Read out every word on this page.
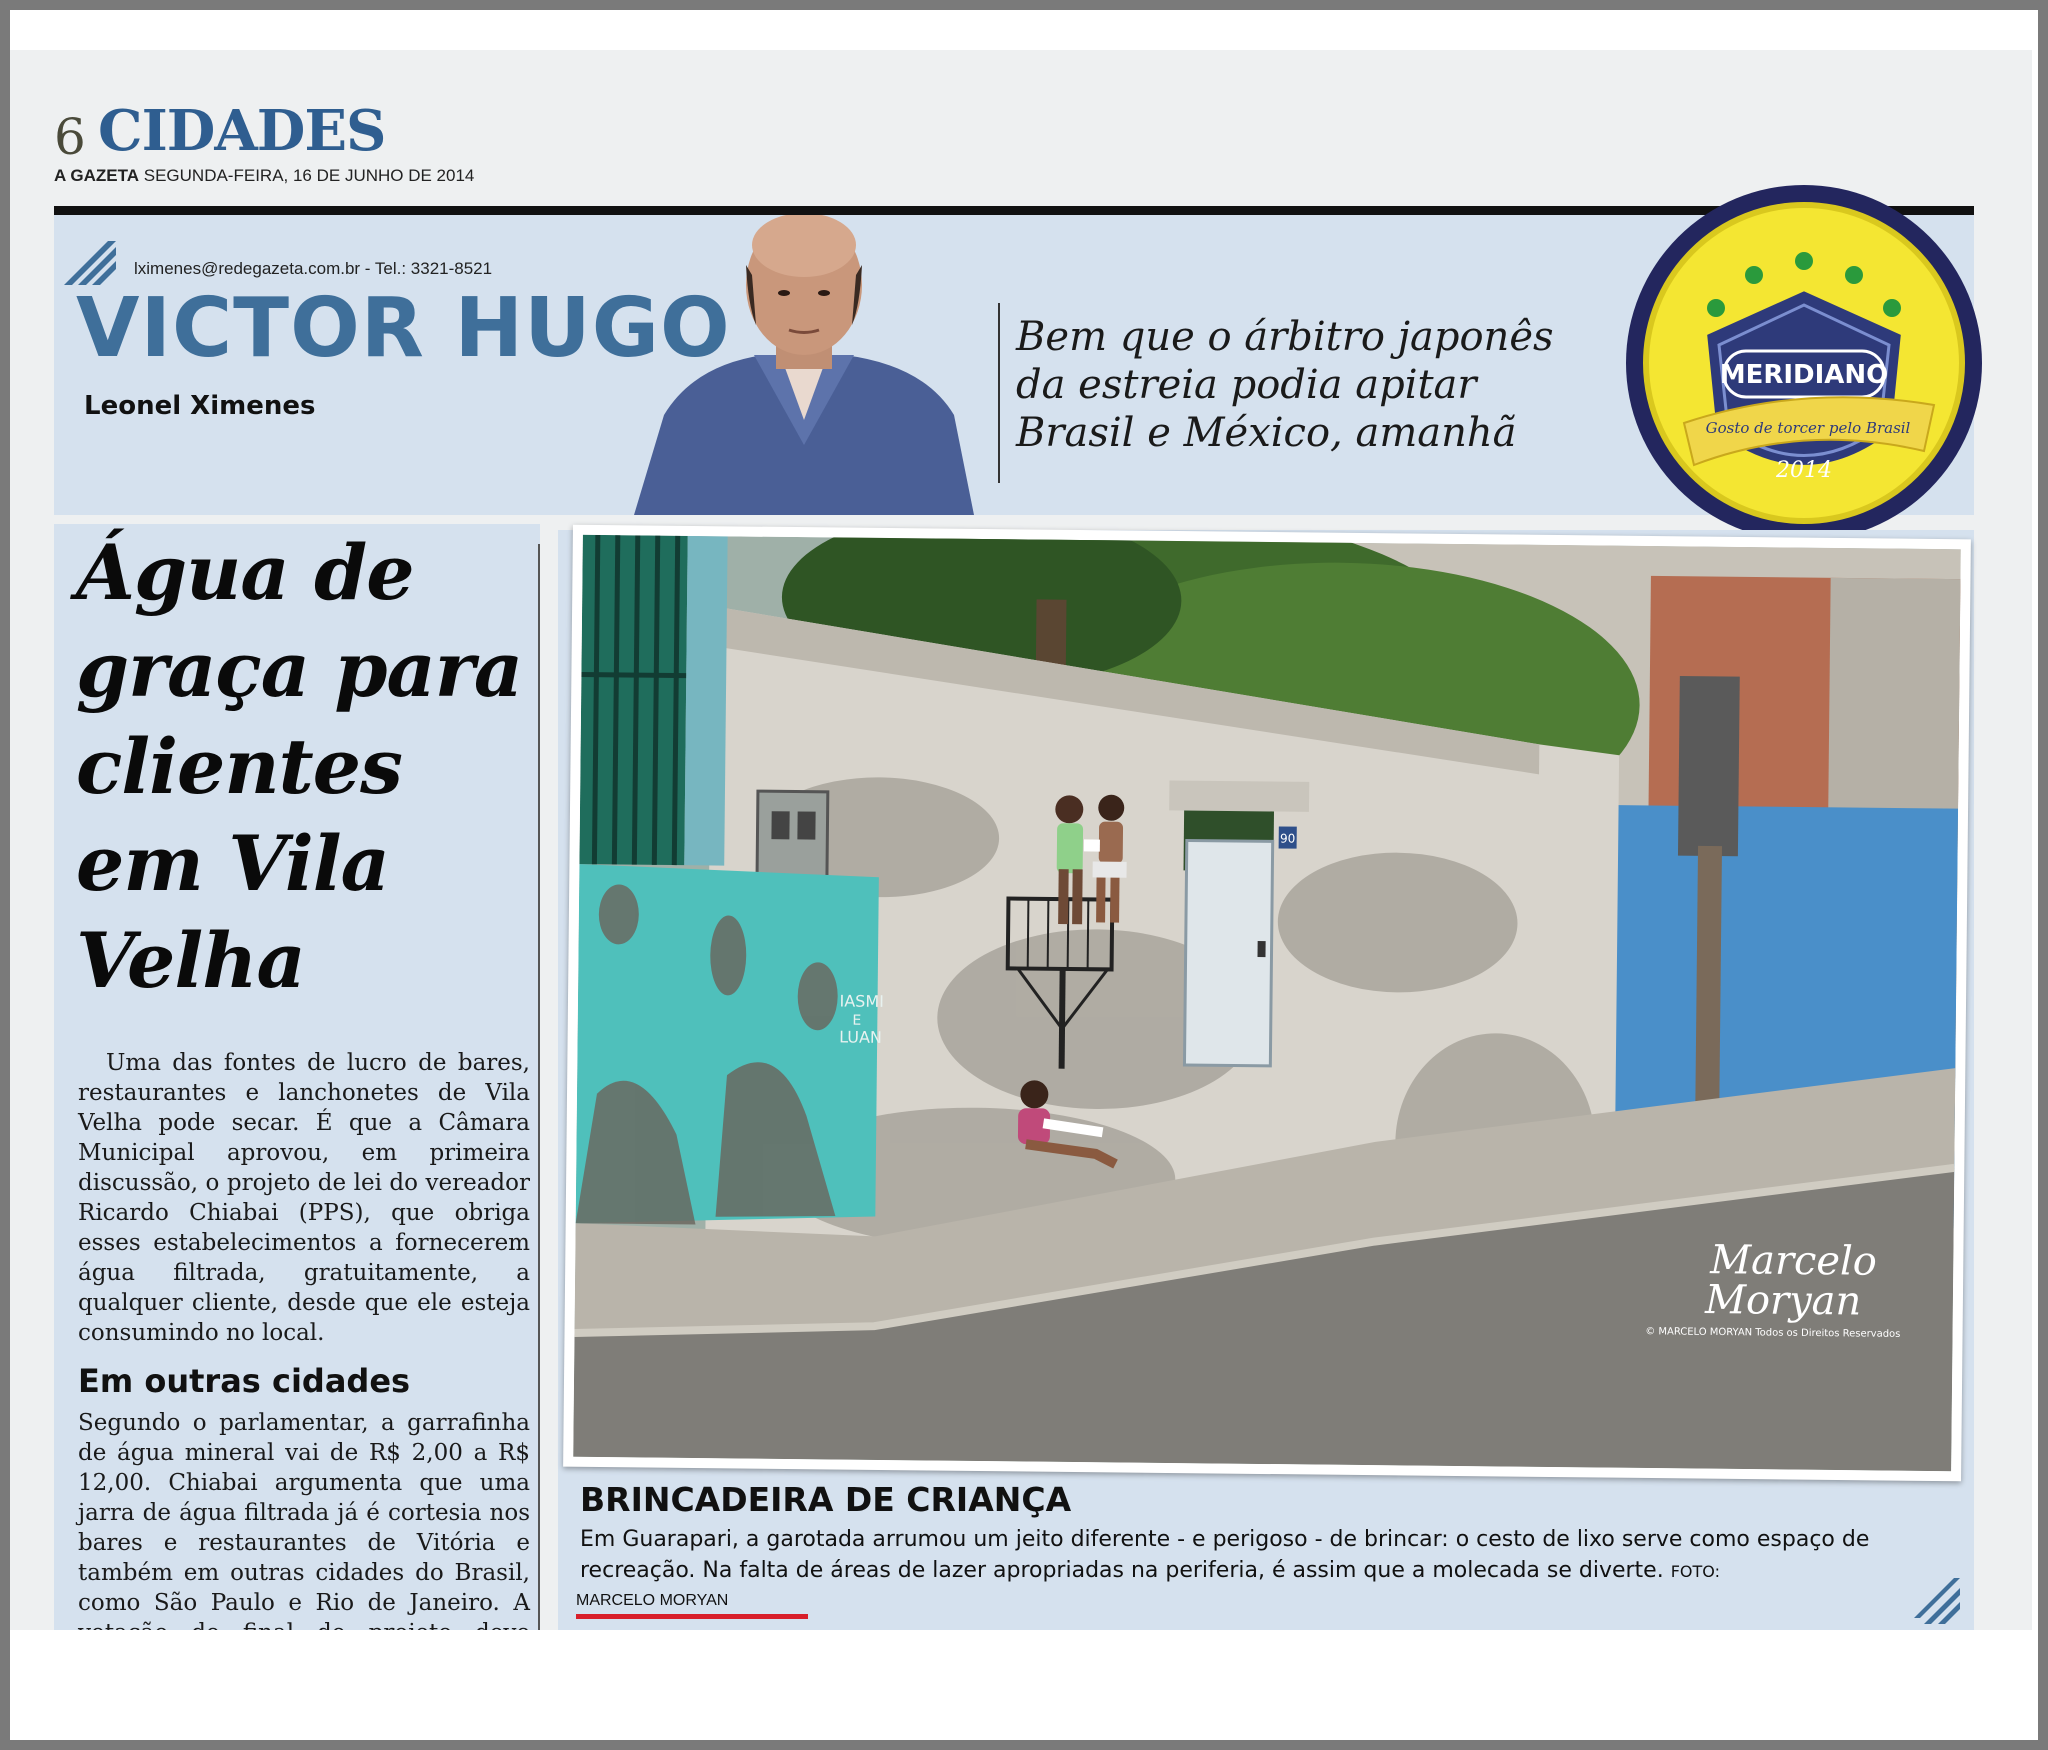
6 CIDADES
A GAZETA SEGUNDA-FEIRA, 16 DE JUNHO DE 2014
lximenes@redegazeta.com.br - Tel.: 3321-8521
VICTOR HUGO
Leonel Ximenes
Bem que o árbitro japonês da estreia podia apitar Brasil e México, amanhã
MERIDIANO
Gosto de torcer pelo Brasil
2014
Água de graça para clientes em Vila Velha

Uma das fontes de lucro de bares, restaurantes e lanchonetes de Vila Velha pode secar. É que a Câmara Municipal aprovou, em primeira discussão, o projeto de lei do vereador Ricardo Chiabai (PPS), que obriga esses estabelecimentos a fornecerem água filtrada, gratuitamente, a qualquer cliente, desde que ele esteja consumindo no local.

Em outras cidades

Segundo o parlamentar, a garrafinha de água mineral vai de R$ 2,00 a R$ 12,00. Chiabai argumenta que uma jarra de água filtrada já é cortesia nos bares e restaurantes de Vitória e também em outras cidades do Brasil, como São Paulo e Rio de Janeiro. A

IASMI
E
LUAN
90
Marcelo
Moryan
© MARCELO MORYAN Todos os Direitos Reservados
BRINCADEIRA DE CRIANÇA
Em Guarapari, a garotada arrumou um jeito diferente - e perigoso - de brincar: o cesto de lixo serve como espaço de recreação. Na falta de áreas de lazer apropriadas na periferia, é assim que a molecada se diverte. FOTO:
MARCELO MORYAN
